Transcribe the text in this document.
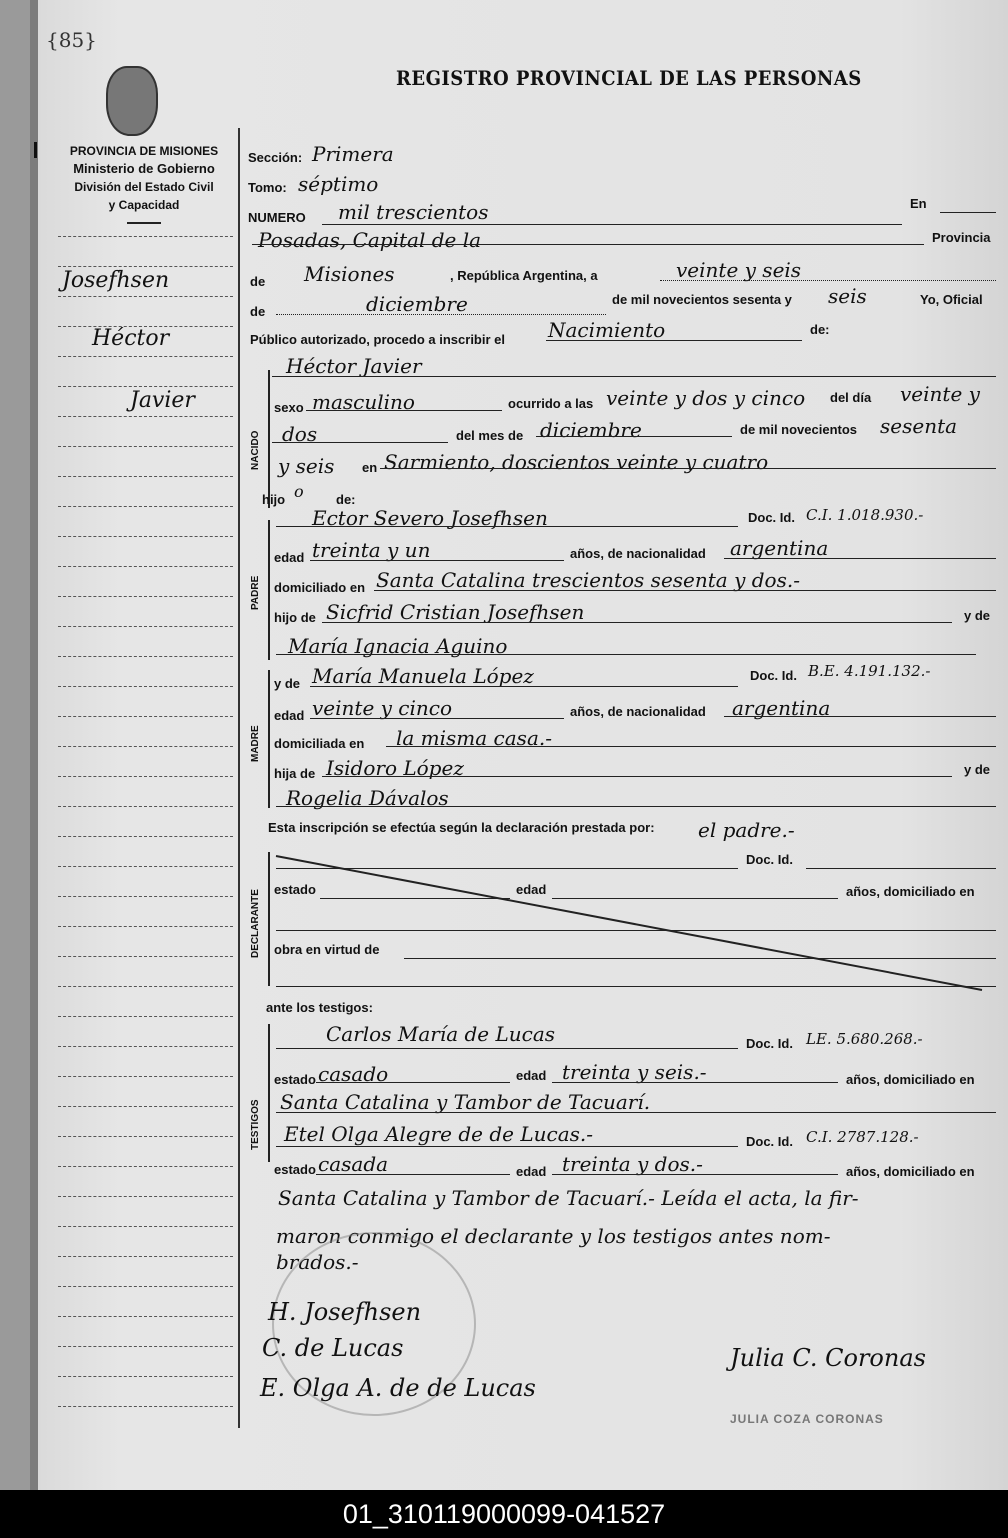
{85}
REGISTRO PROVINCIAL DE LAS PERSONAS
PROVINCIA DE MISIONES
Ministerio de Gobierno
División del Estado Civil
y Capacidad
Josefhsen
Héctor
Javier
Sección: Primera
Tomo: séptimo
NUMERO mil trescientos	En
Posadas, Capital de la	Provincia
de Misiones	, República Argentina, a	veinte y seis
de	diciembre	de mil novecientos sesenta y seis	Yo, Oficial
Público autorizado, procedo a inscribir el Nacimiento	de:
NACIDO
Héctor Javier
sexo masculino	ocurrido a las veinte y dos y cinco del día veinte y
dos	del mes de diciembre	de mil novecientos sesenta
y seis en Sarmiento, doscientos veinte y cuatro
hijo o de:
PADRE
Ector Severo Josefhsen	Doc. Id. C.I. 1.018.930.-
edad treinta y un	años, de nacionalidad argentina
domiciliado en Santa Catalina trescientos sesenta y dos.-
hijo de Sicfrid Cristian Josefhsen	y de
María Ignacia Aguino
MADRE
y de María Manuela López	Doc. Id. B.E. 4.191.132.-
edad veinte y cinco	años, de nacionalidad argentina
domiciliada en la misma casa.-
hija de Isidoro López	y de
Rogelia Dávalos
Esta inscripción se efectúa según la declaración prestada por: el padre.-
DECLARANTE
Doc. Id.
estado	edad	años, domiciliado en
obra en virtud de
ante los testigos:
TESTIGOS
Carlos María de Lucas	Doc. Id. LE. 5.680.268.-
estado casado	edad treinta y seis.-	años, domiciliado en
Santa Catalina y Tambor de Tacuarí.
Etel Olga Alegre de de Lucas.-	Doc. Id. C.I. 2787.128.-
estado casada	edad treinta y dos.-	años, domiciliado en
Santa Catalina y Tambor de Tacuarí.- Leída el acta, la fir-
maron conmigo el declarante y los testigos antes nom-
brados.-
H. Josefhsen
C. de Lucas
E. Olga A. de de Lucas
Julia C. Coronas
JULIA COZA CORONAS
01_310119000099-041527
